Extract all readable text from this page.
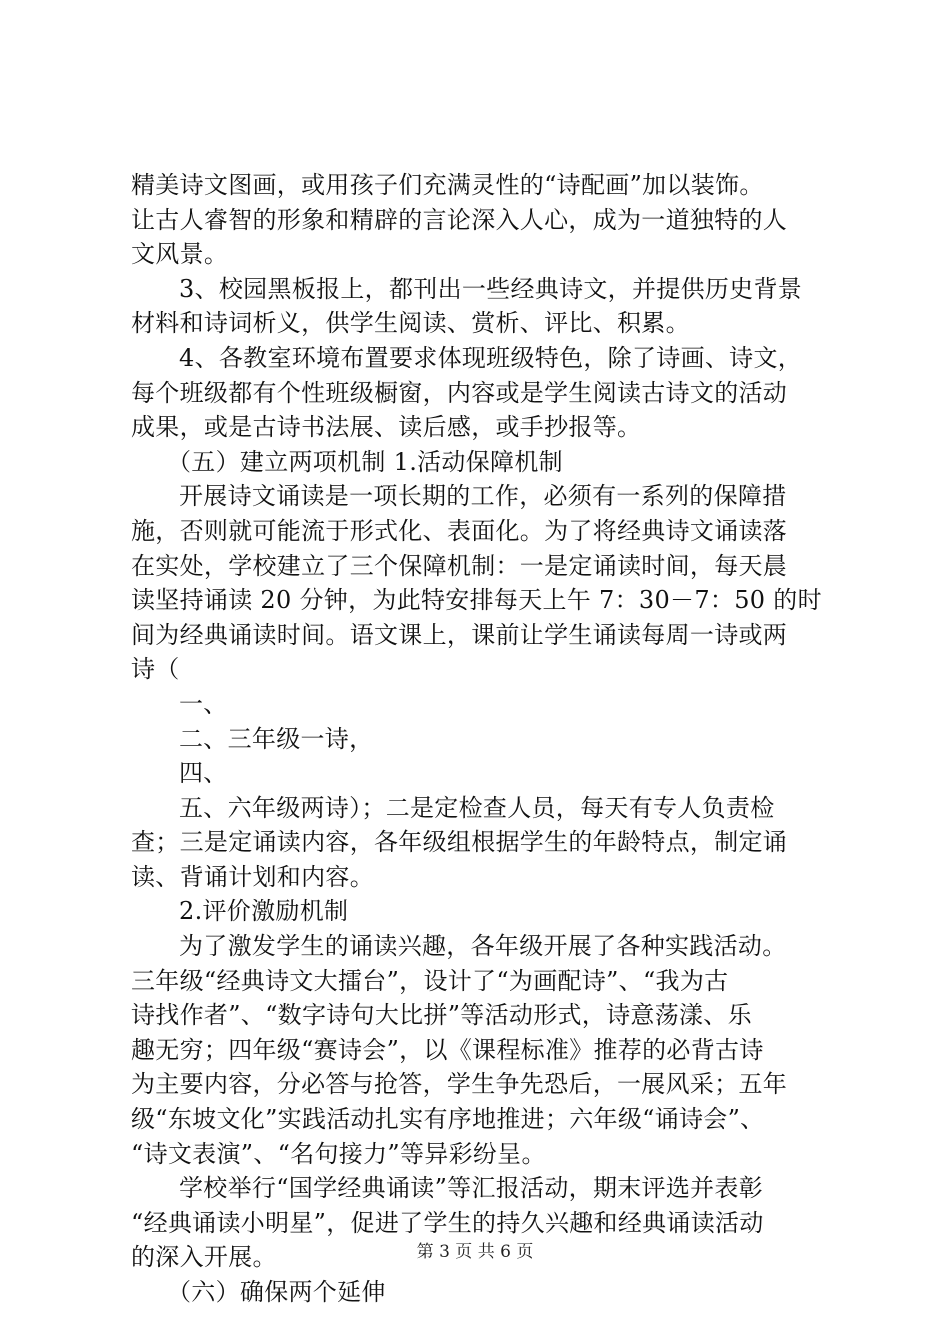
精美诗文图画，或用孩子们充满灵性的“诗配画”加以装饰。
让古人睿智的形象和精辟的言论深入人心，成为一道独特的人
文风景。
3、校园黑板报上，都刊出一些经典诗文，并提供历史背景
材料和诗词析义，供学生阅读、赏析、评比、积累。
4、各教室环境布置要求体现班级特色，除了诗画、诗文，
每个班级都有个性班级橱窗，内容或是学生阅读古诗文的活动
成果，或是古诗书法展、读后感，或手抄报等。
（五）建立两项机制 1.活动保障机制
开展诗文诵读是一项长期的工作，必须有一系列的保障措
施，否则就可能流于形式化、表面化。为了将经典诗文诵读落
在实处，学校建立了三个保障机制：一是定诵读时间，每天晨
读坚持诵读 20 分钟，为此特安排每天上午 7：30－7：50 的时
间为经典诵读时间。语文课上，课前让学生诵读每周一诗或两
诗（
一、
二、三年级一诗，
四、
五、六年级两诗）；二是定检查人员，每天有专人负责检
查；三是定诵读内容，各年级组根据学生的年龄特点，制定诵
读、背诵计划和内容。
2.评价激励机制
为了激发学生的诵读兴趣，各年级开展了各种实践活动。
三年级“经典诗文大擂台”，设计了“为画配诗”、“我为古
诗找作者”、“数字诗句大比拼”等活动形式，诗意荡漾、乐
趣无穷；四年级“赛诗会”，以《课程标准》推荐的必背古诗
为主要内容，分必答与抢答，学生争先恐后，一展风采；五年
级“东坡文化”实践活动扎实有序地推进；六年级“诵诗会”、
“诗文表演”、“名句接力”等异彩纷呈。
学校举行“国学经典诵读”等汇报活动，期末评选并表彰
“经典诵读小明星”，促进了学生的持久兴趣和经典诵读活动
的深入开展。
（六）确保两个延伸
第 3 页 共 6 页
